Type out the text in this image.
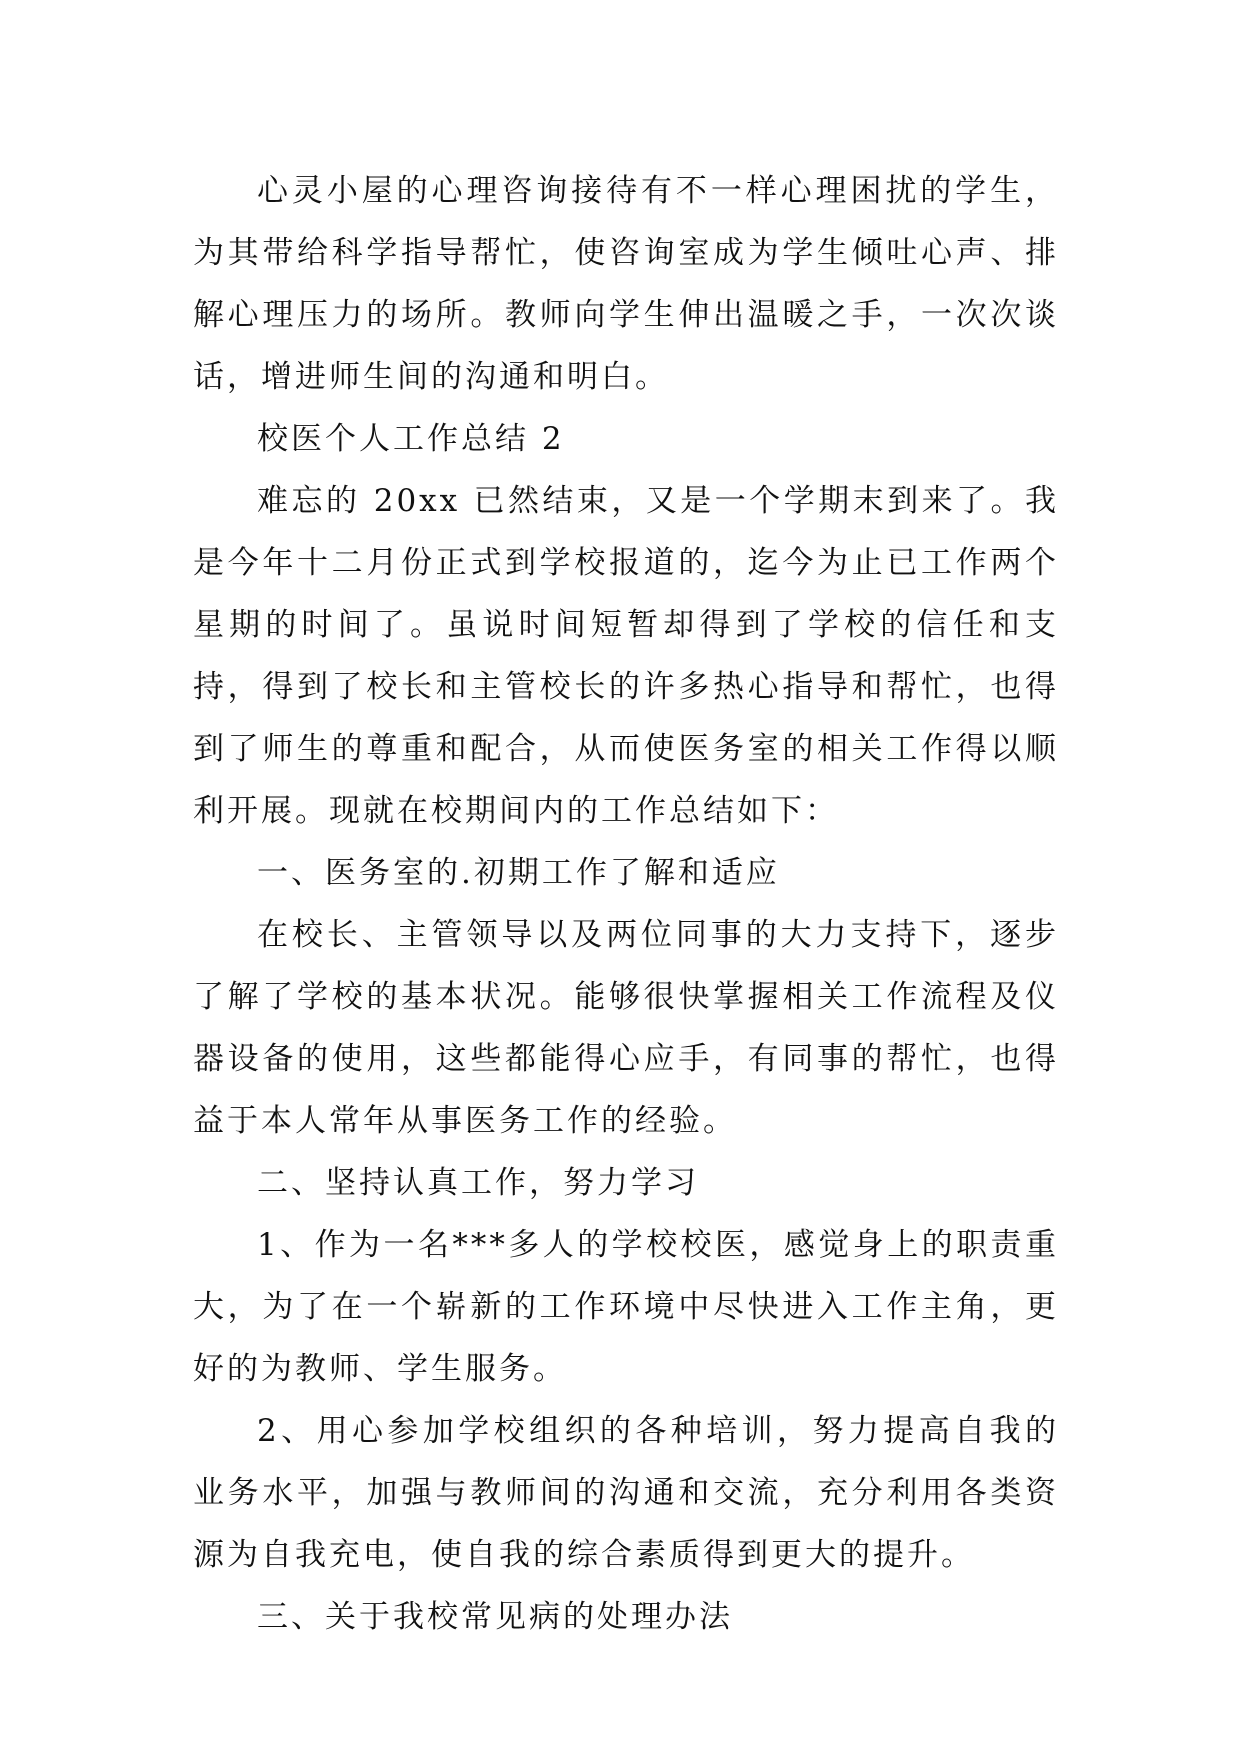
心灵小屋的心理咨询接待有不一样心理困扰的学生，为其带给科学指导帮忙，使咨询室成为学生倾吐心声、排解心理压力的场所。教师向学生伸出温暖之手，一次次谈话，增进师生间的沟通和明白。

校医个人工作总结 2

难忘的 20xx 已然结束，又是一个学期末到来了。我是今年十二月份正式到学校报道的，迄今为止已工作两个星期的时间了。虽说时间短暂却得到了学校的信任和支持，得到了校长和主管校长的许多热心指导和帮忙，也得到了师生的尊重和配合，从而使医务室的相关工作得以顺利开展。现就在校期间内的工作总结如下：

一、医务室的.初期工作了解和适应

在校长、主管领导以及两位同事的大力支持下，逐步了解了学校的基本状况。能够很快掌握相关工作流程及仪器设备的使用，这些都能得心应手，有同事的帮忙，也得益于本人常年从事医务工作的经验。

二、坚持认真工作，努力学习

1、作为一名***多人的学校校医，感觉身上的职责重大，为了在一个崭新的工作环境中尽快进入工作主角，更好的为教师、学生服务。

2、用心参加学校组织的各种培训，努力提高自我的业务水平，加强与教师间的沟通和交流，充分利用各类资源为自我充电，使自我的综合素质得到更大的提升。

三、关于我校常见病的处理办法
